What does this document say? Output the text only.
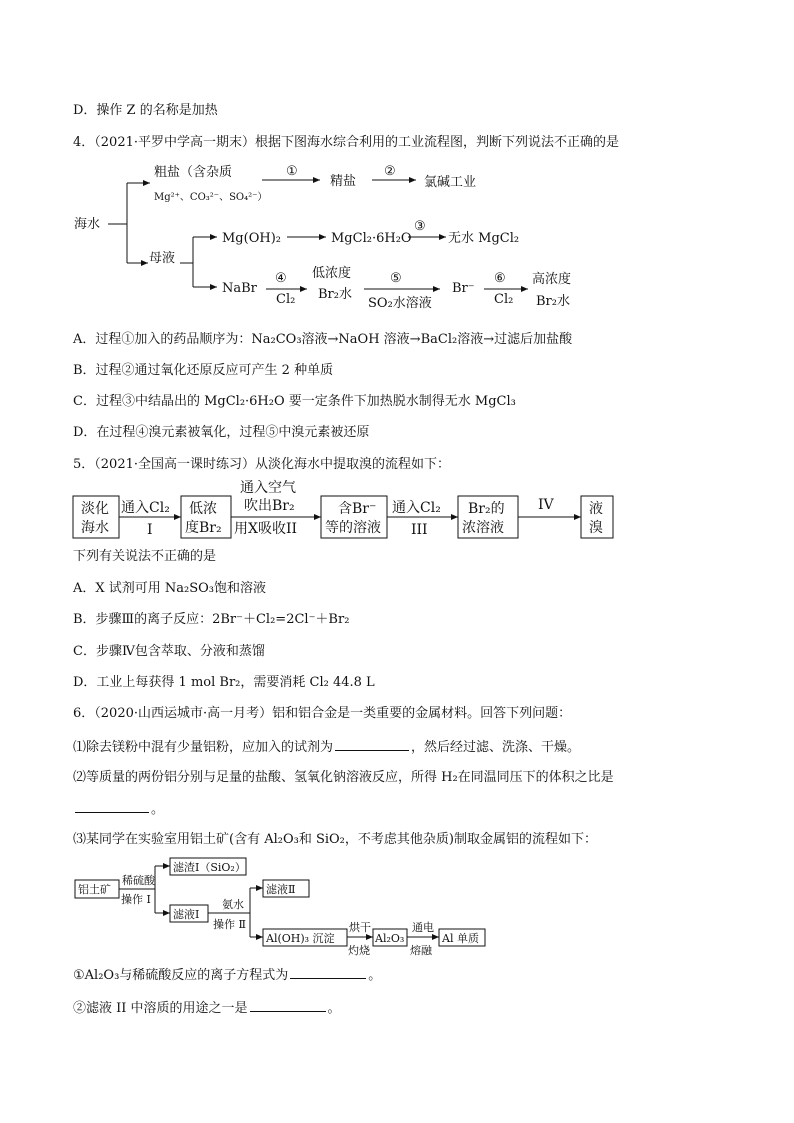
D．操作 Z 的名称是加热
4．（2021·平罗中学高一期末）根据下图海水综合利用的工业流程图，判断下列说法不正确的是
海水
粗盐（含杂质
Mg²⁺、CO₃²⁻、SO₄²⁻）
①
精盐
②
氯碱工业
母液
Mg(OH)₂	MgCl₂·6H₂O
③
无水 MgCl₂
NaBr
④
Cl₂
低浓度
Br₂水
⑤
SO₂水溶液
Br⁻
⑥
Cl₂
高浓度
Br₂水
淡化
海水
通入Cl₂
I
低浓
度Br₂
通入空气
吹出Br₂
用X吸收II
含Br⁻
等的溶液
通入Cl₂
III
Br₂的
浓溶液
IV	液
溴
铝土矿
稀硫酸
操作 Ⅰ
滤渣Ⅰ（SiO₂）
滤液Ⅰ
氨水
操作 Ⅱ
滤液Ⅱ
Al(OH)₃ 沉淀
烘干
灼烧
Al₂O₃
通电
熔融
Al 单质
A．过程①加入的药品顺序为：Na₂CO₃溶液→NaOH 溶液→BaCl₂溶液→过滤后加盐酸
B．过程②通过氧化还原反应可产生 2 种单质
C．过程③中结晶出的 MgCl₂·6H₂O 要一定条件下加热脱水制得无水 MgCl₃
D．在过程④溴元素被氧化，过程⑤中溴元素被还原
5．（2021·全国高一课时练习）从淡化海水中提取溴的流程如下：
下列有关说法不正确的是
A．X 试剂可用 Na₂SO₃饱和溶液
B．步骤Ⅲ的离子反应：2Br⁻＋Cl₂=2Cl⁻＋Br₂
C．步骤Ⅳ包含萃取、分液和蒸馏
D．工业上每获得 1 mol Br₂，需要消耗 Cl₂ 44.8 L
6．（2020·山西运城市·高一月考）铝和铝合金是一类重要的金属材料。回答下列问题：
⑴除去镁粉中混有少量铝粉，应加入的试剂为	，然后经过滤、洗涤、干燥。
⑵等质量的两份铝分别与足量的盐酸、氢氧化钠溶液反应，所得 H₂在同温同压下的体积之比是
。
⑶某同学在实验室用铝土矿(含有 Al₂O₃和 SiO₂，不考虑其他杂质)制取金属铝的流程如下：
①Al₂O₃与稀硫酸反应的离子方程式为	。
②滤液 II 中溶质的用途之一是	。
